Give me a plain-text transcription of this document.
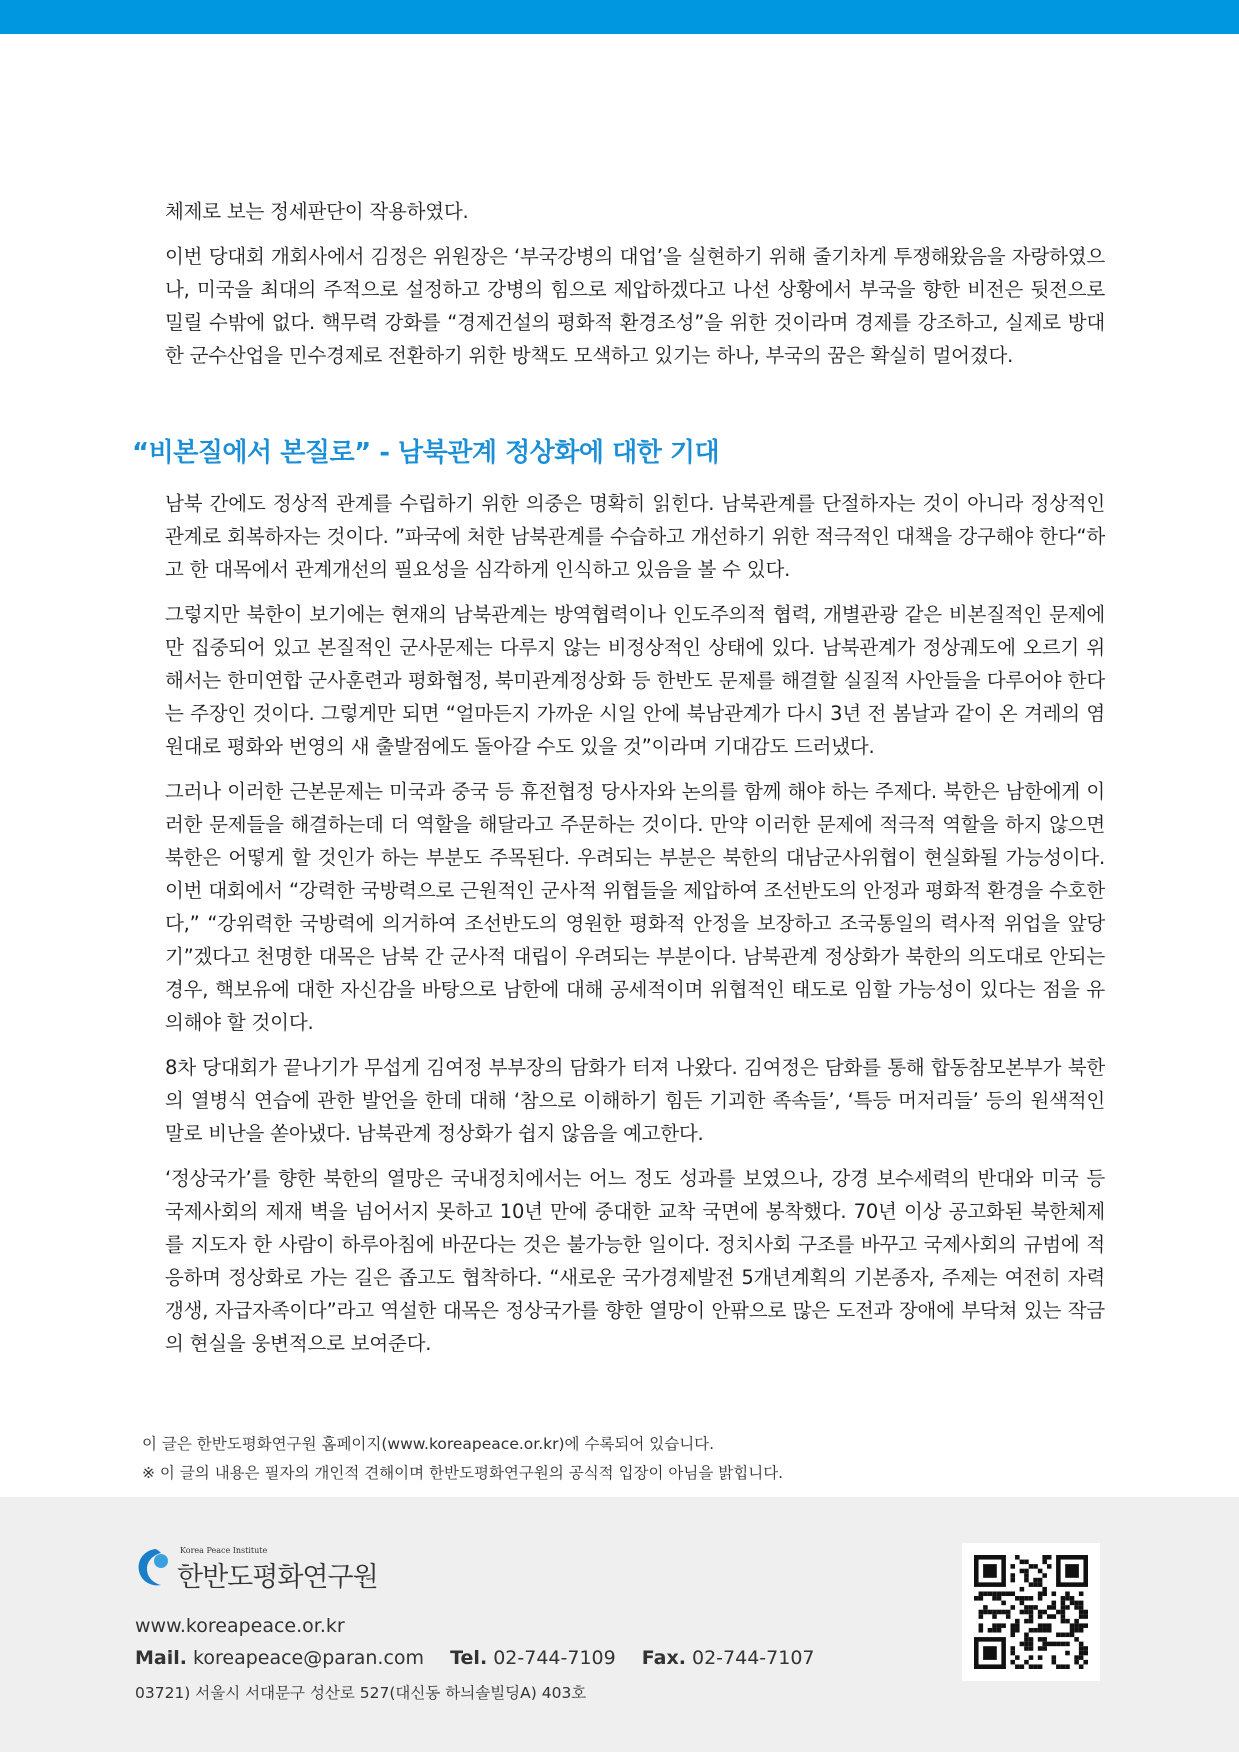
체제로 보는 정세판단이 작용하였다.

이번 당대회 개회사에서 김정은 위원장은 ‘부국강병의 대업’을 실현하기 위해 줄기차게 투쟁해왔음을 자랑하였으나, 미국을 최대의 주적으로 설정하고 강병의 힘으로 제압하겠다고 나선 상황에서 부국을 향한 비전은 뒷전으로 밀릴 수밖에 없다. 핵무력 강화를 “경제건설의 평화적 환경조성”을 위한 것이라며 경제를 강조하고, 실제로 방대한 군수산업을 민수경제로 전환하기 위한 방책도 모색하고 있기는 하나, 부국의 꿈은 확실히 멀어졌다.

“비본질에서 본질로” - 남북관계 정상화에 대한 기대

남북 간에도 정상적 관계를 수립하기 위한 의중은 명확히 읽힌다. 남북관계를 단절하자는 것이 아니라 정상적인 관계로 회복하자는 것이다. ”파국에 처한 남북관계를 수습하고 개선하기 위한 적극적인 대책을 강구해야 한다“하고 한 대목에서 관계개선의 필요성을 심각하게 인식하고 있음을 볼 수 있다.

그렇지만 북한이 보기에는 현재의 남북관계는 방역협력이나 인도주의적 협력, 개별관광 같은 비본질적인 문제에만 집중되어 있고 본질적인 군사문제는 다루지 않는 비정상적인 상태에 있다. 남북관계가 정상궤도에 오르기 위해서는 한미연합 군사훈련과 평화협정, 북미관계정상화 등 한반도 문제를 해결할 실질적 사안들을 다루어야 한다는 주장인 것이다. 그렇게만 되면 “얼마든지 가까운 시일 안에 북남관계가 다시 3년 전 봄날과 같이 온 겨레의 염원대로 평화와 번영의 새 출발점에도 돌아갈 수도 있을 것”이라며 기대감도 드러냈다.

그러나 이러한 근본문제는 미국과 중국 등 휴전협정 당사자와 논의를 함께 해야 하는 주제다. 북한은 남한에게 이러한 문제들을 해결하는데 더 역할을 해달라고 주문하는 것이다. 만약 이러한 문제에 적극적 역할을 하지 않으면 북한은 어떻게 할 것인가 하는 부분도 주목된다. 우려되는 부분은 북한의 대남군사위협이 현실화될 가능성이다. 이번 대회에서 “강력한 국방력으로 근원적인 군사적 위협들을 제압하여 조선반도의 안정과 평화적 환경을 수호한다,” “강위력한 국방력에 의거하여 조선반도의 영원한 평화적 안정을 보장하고 조국통일의 력사적 위업을 앞당기”겠다고 천명한 대목은 남북 간 군사적 대립이 우려되는 부분이다. 남북관계 정상화가 북한의 의도대로 안되는 경우, 핵보유에 대한 자신감을 바탕으로 남한에 대해 공세적이며 위협적인 태도로 임할 가능성이 있다는 점을 유의해야 할 것이다.

8차 당대회가 끝나기가 무섭게 김여정 부부장의 담화가 터져 나왔다. 김여정은 담화를 통해 합동참모본부가 북한의 열병식 연습에 관한 발언을 한데 대해 ‘참으로 이해하기 힘든 기괴한 족속들’, ‘특등 머저리들’ 등의 원색적인 말로 비난을 쏟아냈다. 남북관계 정상화가 쉽지 않음을 예고한다.

‘정상국가’를 향한 북한의 열망은 국내정치에서는 어느 정도 성과를 보였으나, 강경 보수세력의 반대와 미국 등 국제사회의 제재 벽을 넘어서지 못하고 10년 만에 중대한 교착 국면에 봉착했다. 70년 이상 공고화된 북한체제를 지도자 한 사람이 하루아침에 바꾼다는 것은 불가능한 일이다. 정치사회 구조를 바꾸고 국제사회의 규범에 적응하며 정상화로 가는 길은 좁고도 협착하다. “새로운 국가경제발전 5개년계획의 기본종자, 주제는 여전히 자력갱생, 자급자족이다”라고 역설한 대목은 정상국가를 향한 열망이 안팎으로 많은 도전과 장애에 부닥쳐 있는 작금의 현실을 웅변적으로 보여준다.

이 글은 한반도평화연구원 홈페이지(www.koreapeace.or.kr)에 수록되어 있습니다.
※ 이 글의 내용은 필자의 개인적 견해이며 한반도평화연구원의 공식적 입장이 아님을 밝힙니다.
Korea Peace Institute
한반도평화연구원
www.koreapeace.or.kr
Mail. koreapeace@paran.com Tel. 02-744-7109 Fax. 02-744-7107
03721) 서울시 서대문구 성산로 527(대신동 하늬솔빌딩A) 403호
